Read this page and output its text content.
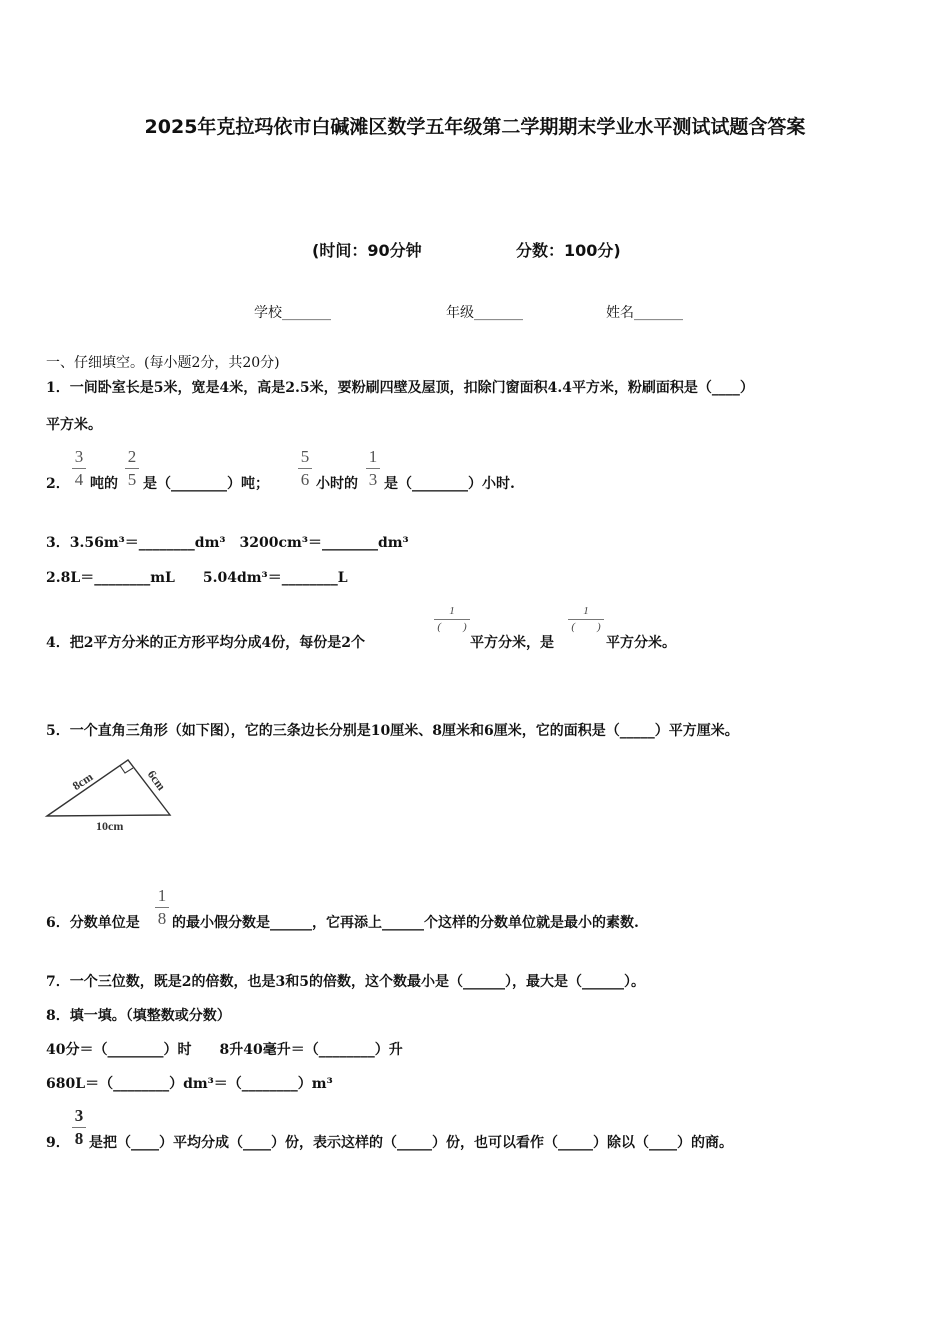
2025年克拉玛依市白碱滩区数学五年级第二学期期末学业水平测试试题含答案
(时间：90分钟	分数：100分)
学校_______	年级_______	姓名_______
一、仔细填空。(每小题2分，共20分)
1．一间卧室长是5米，宽是4米，高是2.5米，要粉刷四壁及屋顶，扣除门窗面积4.4平方米，粉刷面积是（____）
平方米。
2．
3
4 吨的
2
5 是（________）吨；
5
6 小时的
1
3 是（________）小时.
3．3.56m³＝________dm³　3200cm³＝________dm³
2.8L＝________mL　　5.04dm³＝________L
4．把2平方分米的正方形平均分成4份，每份是2个
1
(　　)
平方分米，是
1
(　　)
平方分米。
5．一个直角三角形（如下图），它的三条边长分别是10厘米、8厘米和6厘米，它的面积是（_____）平方厘米。
8cm	6cm
10cm
6．分数单位是
1
8 的最小假分数是______，它再添上______个这样的分数单位就是最小的素数.
7．一个三位数，既是2的倍数，也是3和5的倍数，这个数最小是（______），最大是（______）。
8．填一填。（填整数或分数）
40分＝（________）时　　8升40毫升＝（________）升
680L＝（________）dm³＝（________）m³
9．
3
8 是把（____）平均分成（____）份，表示这样的（_____）份，也可以看作（_____）除以（____）的商。
